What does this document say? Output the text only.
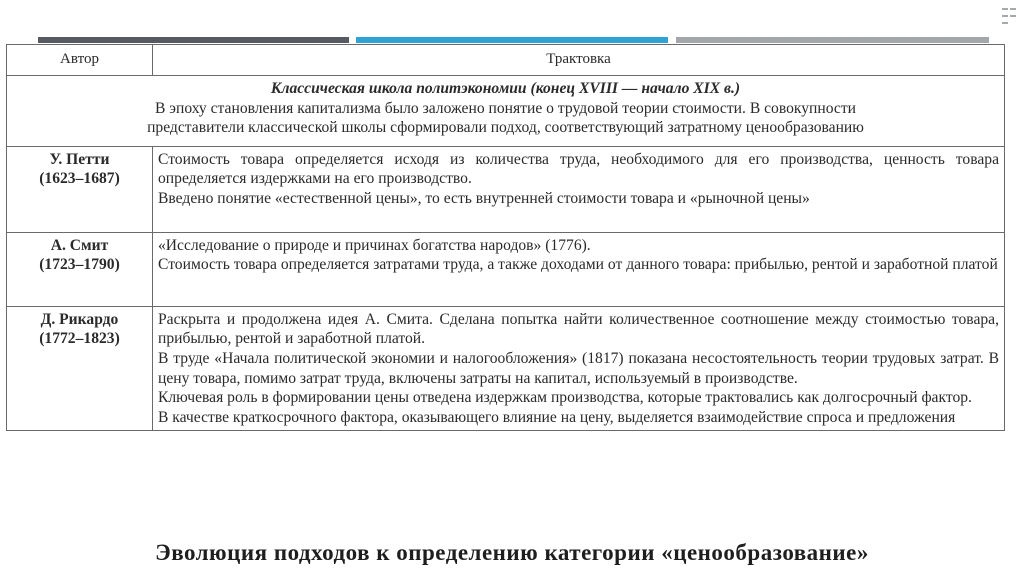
Автор	Трактовка

Классическая школа политэкономии (конец XVIII — начало XIX в.)
В эпоху становления капитализма было заложено понятие о трудовой теории стоимости. В совокупности
представители классической школы сформировали подход, соответствующий затратному ценообразованию	

У. Петти
(1623–1687)	Стоимость товара определяется исходя из количества труда, необходимого для его производства, ценность товара определяется издержками на его производство.
Введено понятие «естественной цены», то есть внутренней стоимости товара и «рыночной цены»

А. Смит
(1723–1790)	«Исследование о природе и причинах богатства народов» (1776).
Стоимость товара определяется затратами труда, а также доходами от данного товара: прибылью, рентой и заработной платой

Д. Рикардо
(1772–1823)	Раскрыта и продолжена идея А. Смита. Сделана попытка найти количественное соотношение между стоимостью товара, прибылью, рентой и заработной платой.
В труде «Начала политической экономии и налогообложения» (1817) показана несостоятельность теории трудовых затрат. В цену товара, помимо затрат труда, включены затраты на капитал, используемый в производстве.
Ключевая роль в формировании цены отведена издержкам производства, которые трактовались как долгосрочный фактор.
В качестве краткосрочного фактора, оказывающего влияние на цену, выделяется взаимодействие спроса и предложения
Эволюция подходов к определению категории «ценообразование»
